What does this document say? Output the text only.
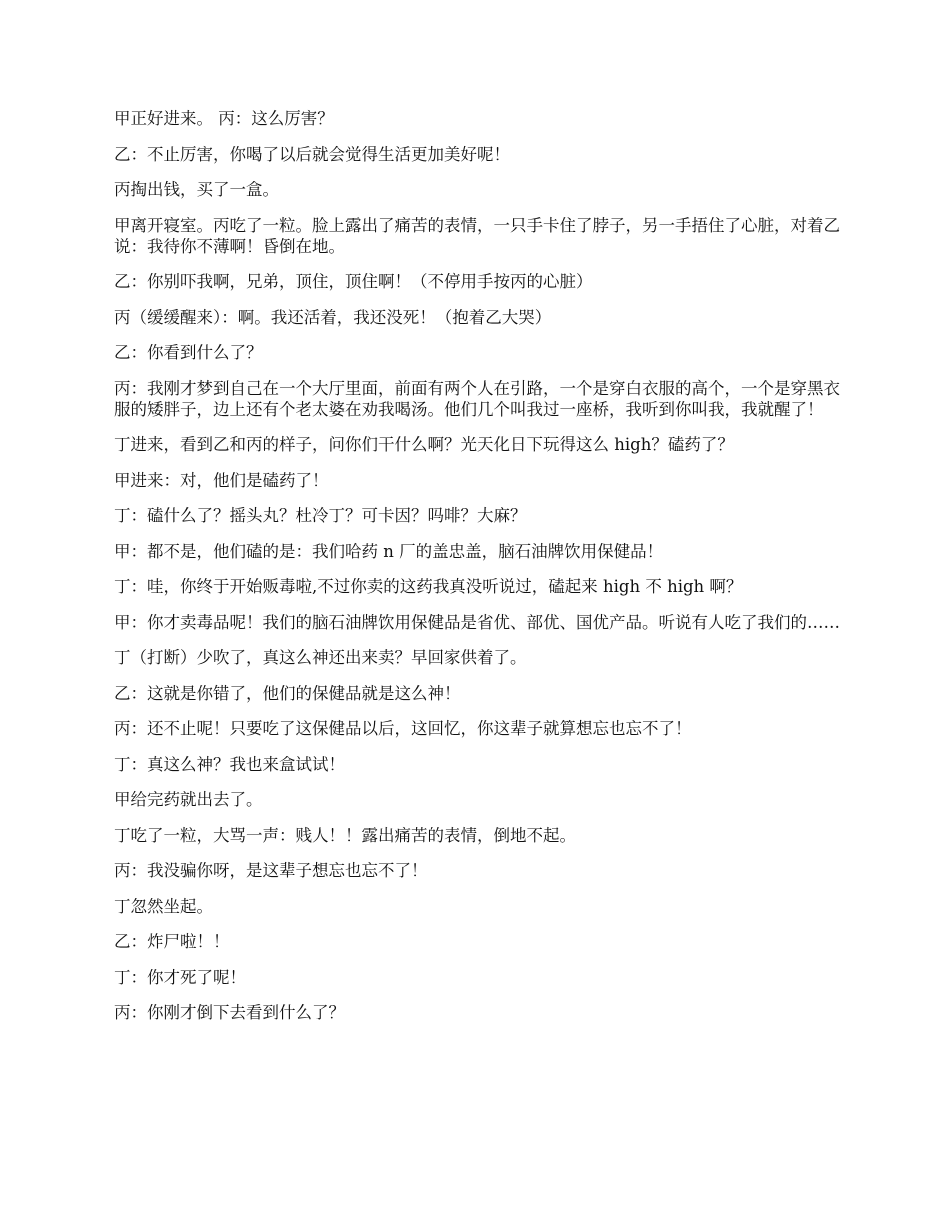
甲正好进来。 丙：这么厉害？

乙：不止厉害，你喝了以后就会觉得生活更加美好呢！

丙掏出钱，买了一盒。

甲离开寝室。丙吃了一粒。脸上露出了痛苦的表情，一只手卡住了脖子，另一手捂住了心脏，对着乙说：我待你不薄啊！昏倒在地。

乙：你别吓我啊，兄弟，顶住，顶住啊！（不停用手按丙的心脏）

丙（缓缓醒来）：啊。我还活着，我还没死！（抱着乙大哭）

乙：你看到什么了？

丙：我刚才梦到自己在一个大厅里面，前面有两个人在引路，一个是穿白衣服的高个，一个是穿黑衣服的矮胖子，边上还有个老太婆在劝我喝汤。他们几个叫我过一座桥，我听到你叫我，我就醒了！

丁进来，看到乙和丙的样子，问你们干什么啊？光天化日下玩得这么 high？磕药了？

甲进来：对，他们是磕药了！

丁：磕什么了？摇头丸？杜冷丁？可卡因？吗啡？大麻？

甲：都不是，他们磕的是：我们哈药 n 厂的盖忠盖，脑石油牌饮用保健品！

丁：哇，你终于开始贩毒啦,不过你卖的这药我真没听说过，磕起来 high 不 high 啊？

甲：你才卖毒品呢！我们的脑石油牌饮用保健品是省优、部优、国优产品。听说有人吃了我们的……

丁（打断）少吹了，真这么神还出来卖？早回家供着了。

乙：这就是你错了，他们的保健品就是这么神！

丙：还不止呢！只要吃了这保健品以后，这回忆，你这辈子就算想忘也忘不了！

丁：真这么神？我也来盒试试！

甲给完药就出去了。

丁吃了一粒，大骂一声：贱人！！露出痛苦的表情，倒地不起。

丙：我没骗你呀，是这辈子想忘也忘不了！

丁忽然坐起。

乙：炸尸啦！！

丁：你才死了呢！

丙：你刚才倒下去看到什么了？
